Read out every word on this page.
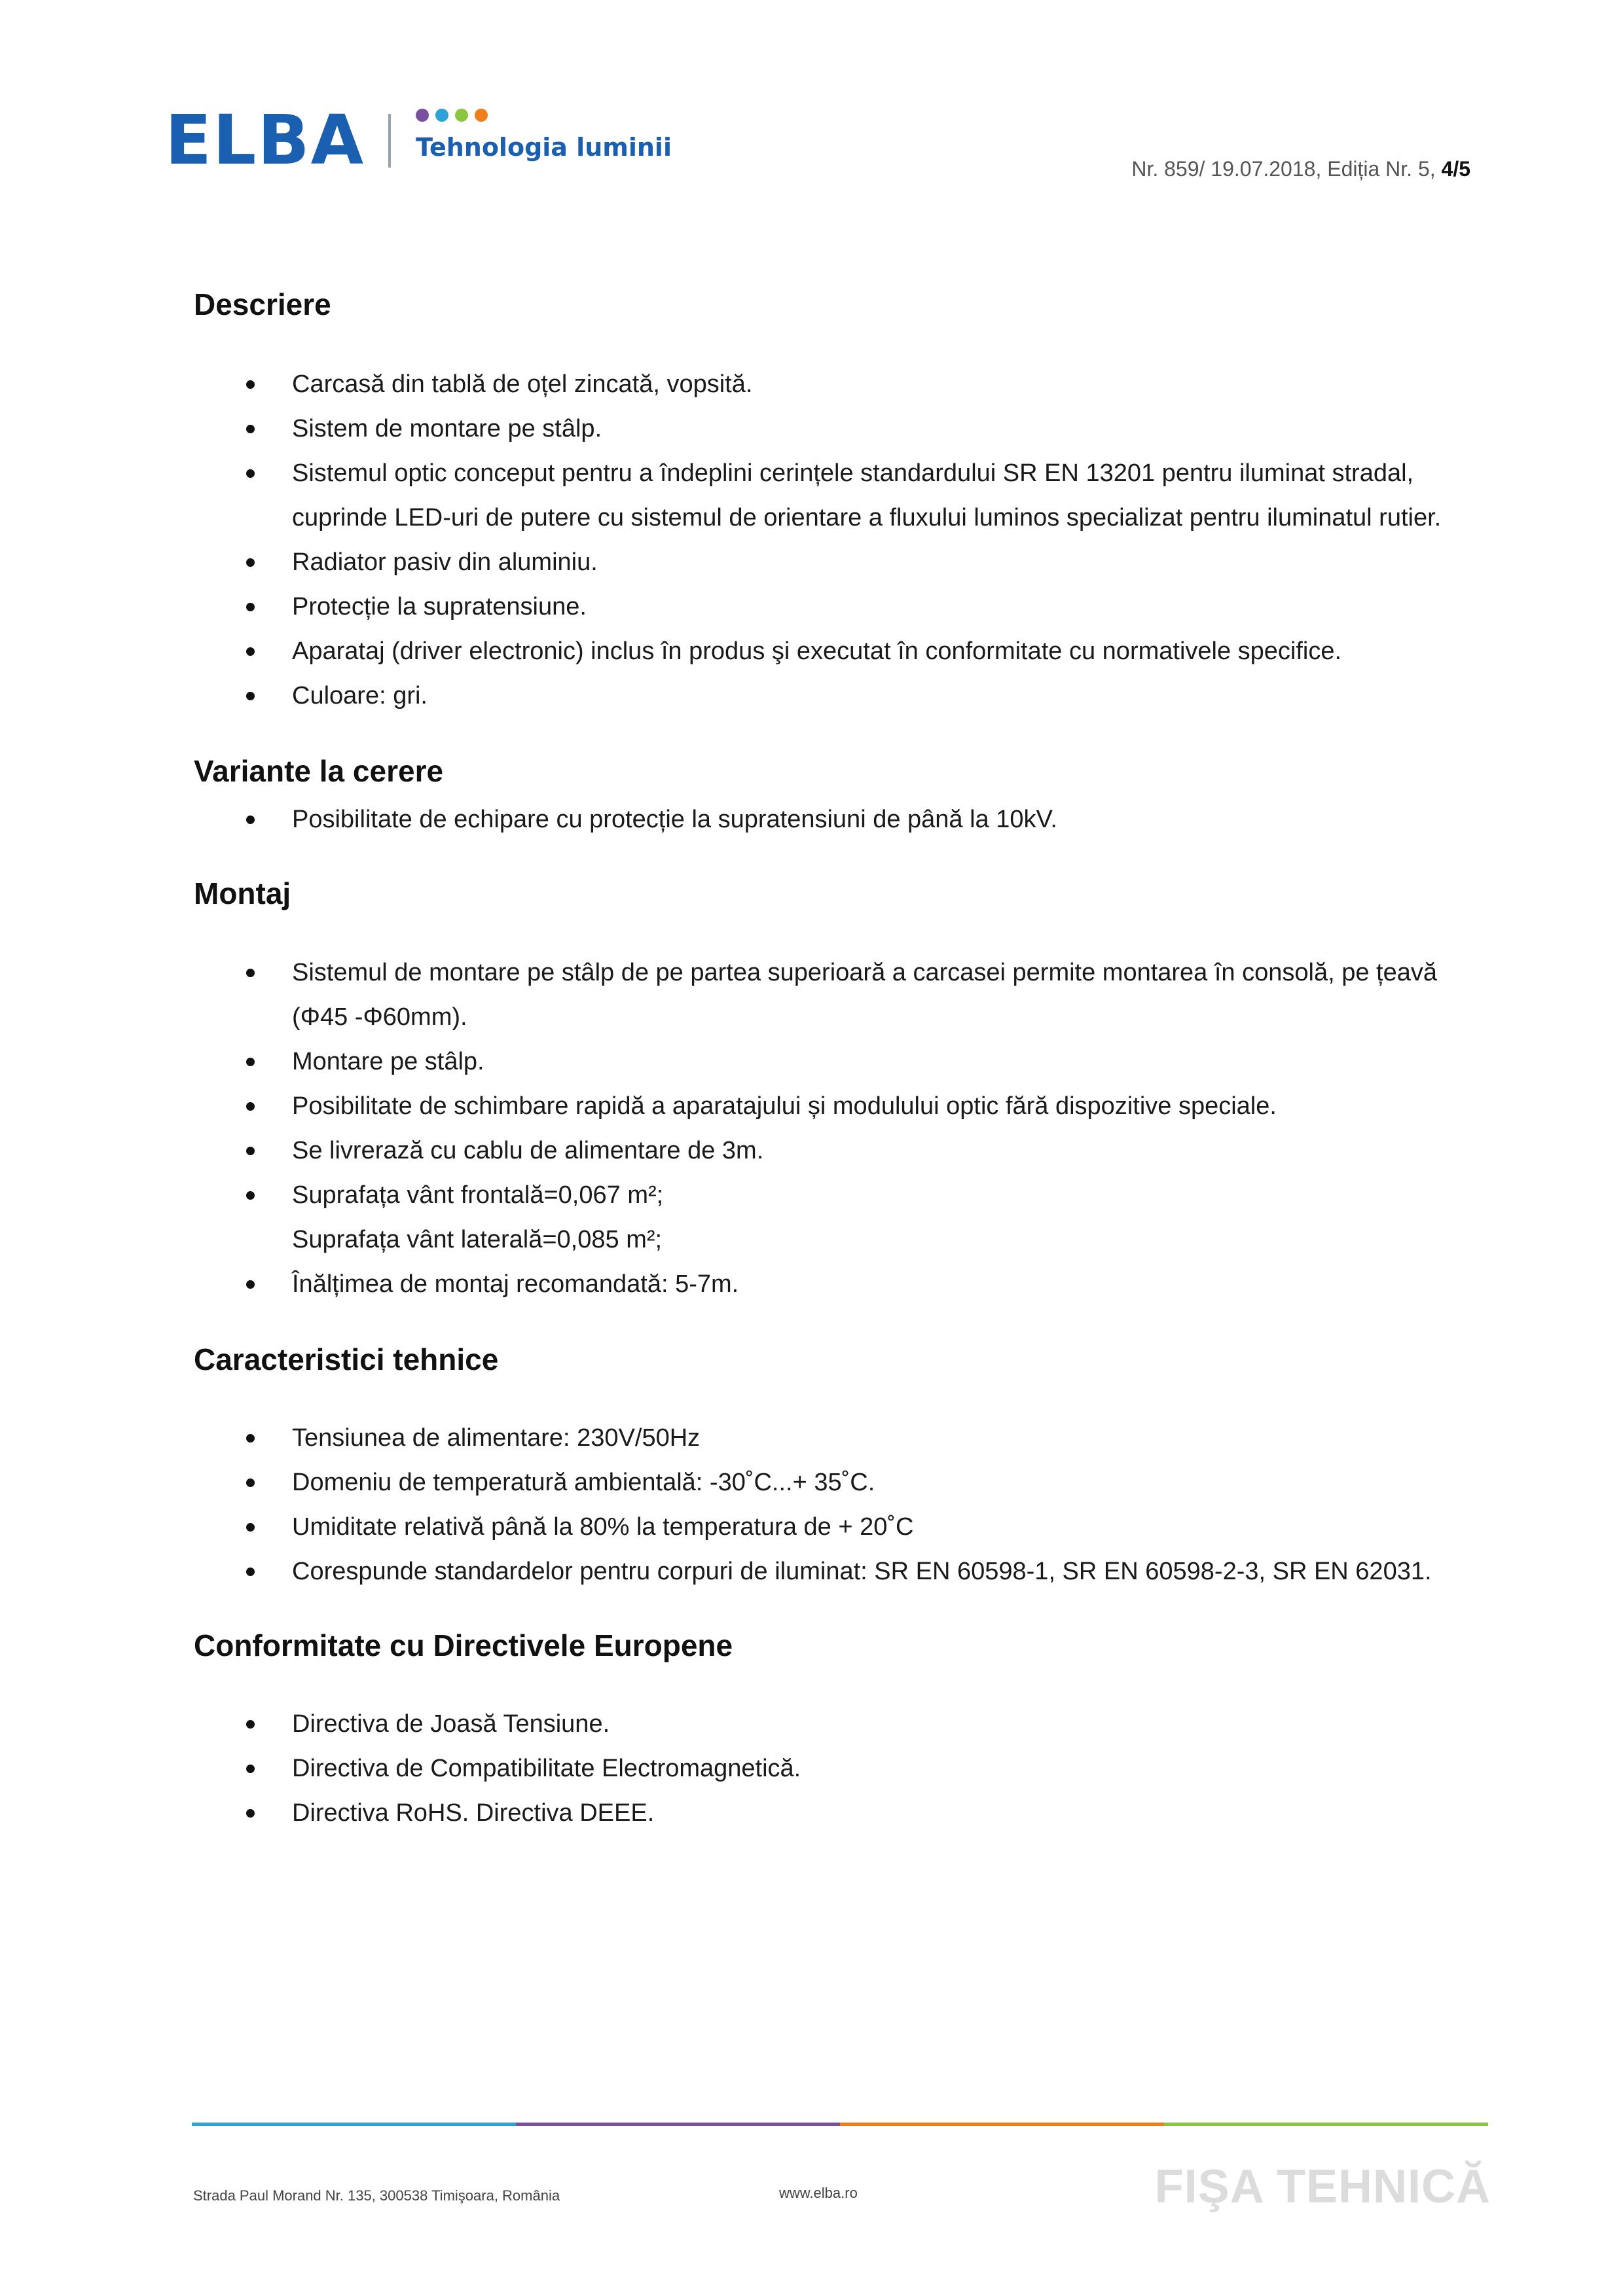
ELBA Tehnologia luminii
Nr. 859/ 19.07.2018, Ediția Nr. 5, 4/5
Descriere
Carcasă din tablă de oțel zincată, vopsită.
Sistem de montare pe stâlp.
Sistemul optic conceput pentru a îndeplini cerințele standardului SR EN 13201 pentru iluminat stradal, cuprinde LED-uri de putere cu sistemul de orientare a fluxului luminos specializat pentru iluminatul rutier.
Radiator pasiv din aluminiu.
Protecție la supratensiune.
Aparataj (driver electronic) inclus în produs şi executat în conformitate cu normativele specifice.
Culoare: gri.
Variante la cerere
Posibilitate de echipare cu protecție la supratensiuni de până la 10kV.
Montaj
Sistemul de montare pe stâlp de pe partea superioară a carcasei permite montarea în consolă, pe țeavă (Φ45 -Φ60mm).
Montare pe stâlp.
Posibilitate de schimbare rapidă a aparatajului și modulului optic fără dispozitive speciale.
Se livrerază cu cablu de alimentare de 3m.
Suprafața vânt frontală=0,067 m²;
Suprafața vânt laterală=0,085 m²;
Înălțimea de montaj recomandată: 5-7m.
Caracteristici tehnice
Tensiunea de alimentare: 230V/50Hz
Domeniu de temperatură ambientală: -30˚C...+ 35˚C.
Umiditate relativă până la 80% la temperatura de + 20˚C
Corespunde standardelor pentru corpuri de iluminat: SR EN 60598-1, SR EN 60598-2-3, SR EN 62031.
Conformitate cu Directivele Europene
Directiva de Joasă Tensiune.
Directiva de Compatibilitate Electromagnetică.
Directiva RoHS. Directiva DEEE.
Strada Paul Morand Nr. 135, 300538 Timişoara, România	www.elba.ro	FIŞA TEHNICĂ
